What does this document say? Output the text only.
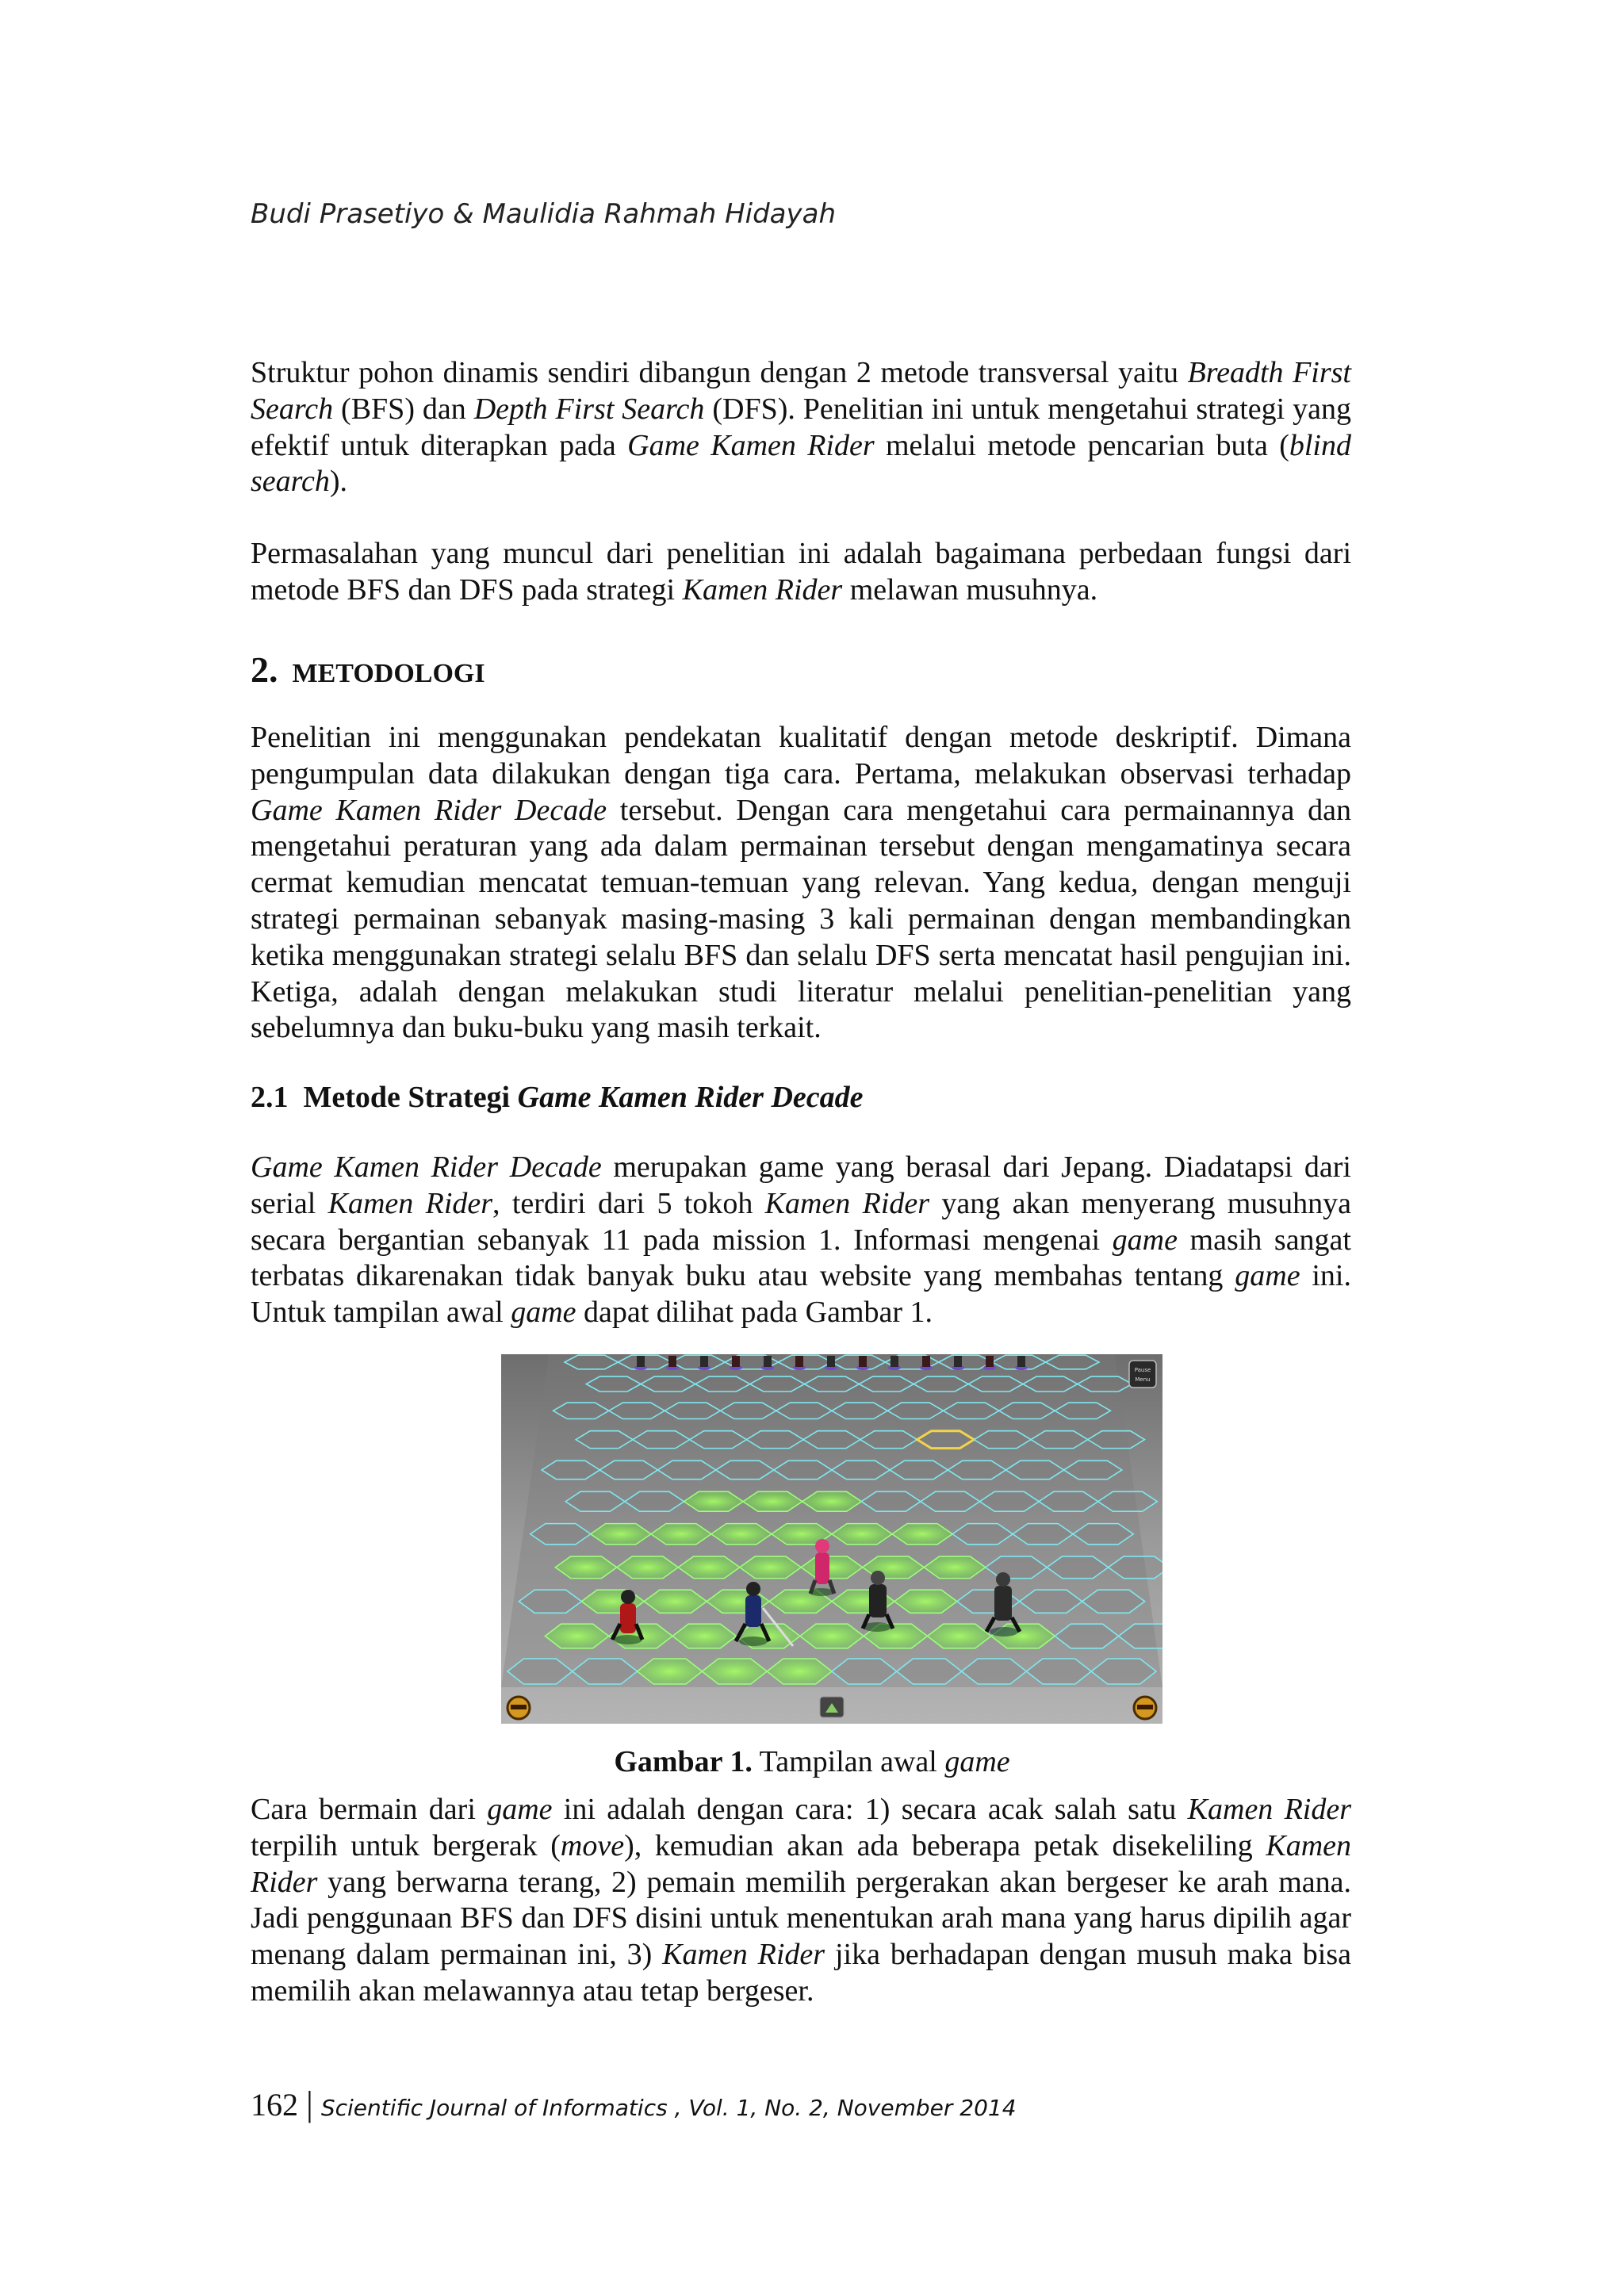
Budi Prasetiyo & Maulidia Rahmah Hidayah

Struktur pohon dinamis sendiri dibangun dengan 2 metode transversal yaitu Breadth First Search (BFS) dan Depth First Search (DFS). Penelitian ini untuk mengetahui strategi yang efektif untuk diterapkan pada Game Kamen Rider melalui metode pencarian buta (blind search).

Permasalahan yang muncul dari penelitian ini adalah bagaimana perbedaan fungsi dari metode BFS dan DFS pada strategi Kamen Rider melawan musuhnya.

2. METODOLOGI

Penelitian ini menggunakan pendekatan kualitatif dengan metode deskriptif. Dimana pengumpulan data dilakukan dengan tiga cara. Pertama, melakukan observasi terhadap Game Kamen Rider Decade tersebut. Dengan cara mengetahui cara permainannya dan mengetahui peraturan yang ada dalam permainan tersebut dengan mengamatinya secara cermat kemudian mencatat temuan-temuan yang relevan. Yang kedua, dengan menguji strategi permainan sebanyak masing-masing 3 kali permainan dengan membandingkan ketika menggunakan strategi selalu BFS dan selalu DFS serta mencatat hasil pengujian ini. Ketiga, adalah dengan melakukan studi literatur melalui penelitian-penelitian yang sebelumnya dan buku-buku yang masih terkait.

2.1 Metode Strategi Game Kamen Rider Decade

Game Kamen Rider Decade merupakan game yang berasal dari Jepang. Diadatapsi dari serial Kamen Rider, terdiri dari 5 tokoh Kamen Rider yang akan menyerang musuhnya secara bergantian sebanyak 11 pada mission 1. Informasi mengenai game masih sangat terbatas dikarenakan tidak banyak buku atau website yang membahas tentang game ini. Untuk tampilan awal game dapat dilihat pada Gambar 1.

Pause
Menu
Gambar 1. Tampilan awal game

Cara bermain dari game ini adalah dengan cara: 1) secara acak salah satu Kamen Rider terpilih untuk bergerak (move), kemudian akan ada beberapa petak disekeliling Kamen Rider yang berwarna terang, 2) pemain memilih pergerakan akan bergeser ke arah mana. Jadi penggunaan BFS dan DFS disini untuk menentukan arah mana yang harus dipilih agar menang dalam permainan ini, 3) Kamen Rider jika berhadapan dengan musuh maka bisa memilih akan melawannya atau tetap bergeser.

162 | Scientific Journal of Informatics , Vol. 1, No. 2, November 2014
